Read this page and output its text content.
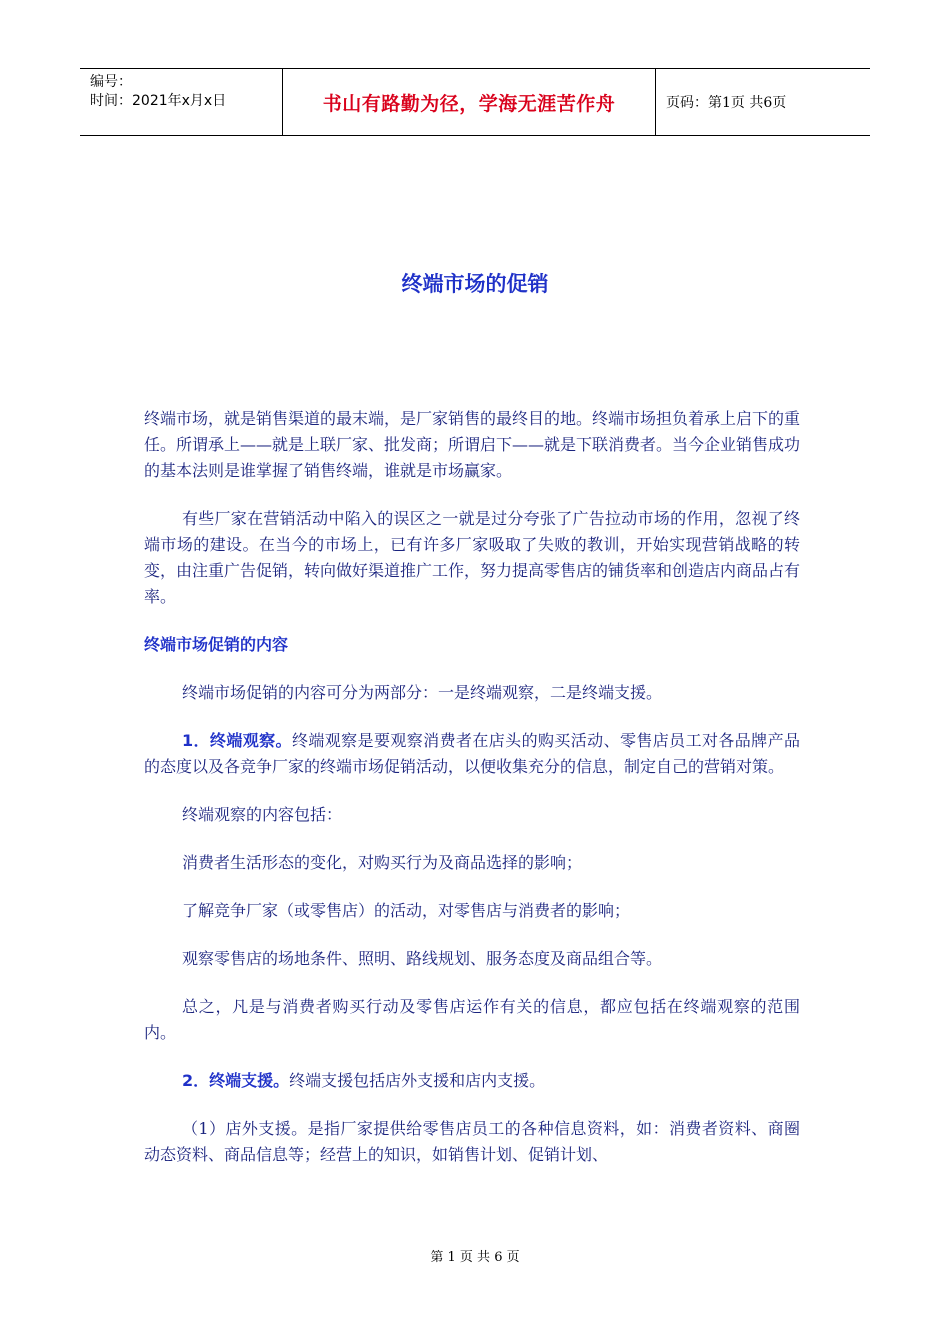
编号：
时间：2021年x月x日	书山有路勤为径，学海无涯苦作舟	页码：第1页 共6页
终端市场的促销

终端市场，就是销售渠道的最末端，是厂家销售的最终目的地。终端市场担负着承上启下的重任。所谓承上——就是上联厂家、批发商；所谓启下——就是下联消费者。当今企业销售成功的基本法则是谁掌握了销售终端，谁就是市场赢家。

有些厂家在营销活动中陷入的误区之一就是过分夸张了广告拉动市场的作用，忽视了终端市场的建设。在当今的市场上，已有许多厂家吸取了失败的教训，开始实现营销战略的转变，由注重广告促销，转向做好渠道推广工作，努力提高零售店的铺货率和创造店内商品占有率。

终端市场促销的内容

终端市场促销的内容可分为两部分：一是终端观察，二是终端支援。

1．终端观察。终端观察是要观察消费者在店头的购买活动、零售店员工对各品牌产品的态度以及各竞争厂家的终端市场促销活动，以便收集充分的信息，制定自己的营销对策。

终端观察的内容包括：

消费者生活形态的变化，对购买行为及商品选择的影响；

了解竞争厂家（或零售店）的活动，对零售店与消费者的影响；

观察零售店的场地条件、照明、路线规划、服务态度及商品组合等。

总之，凡是与消费者购买行动及零售店运作有关的信息，都应包括在终端观察的范围内。

2．终端支援。终端支援包括店外支援和店内支援。

（1）店外支援。是指厂家提供给零售店员工的各种信息资料，如：消费者资料、商圈动态资料、商品信息等；经营上的知识，如销售计划、促销计划、

第 1 页 共 6 页
